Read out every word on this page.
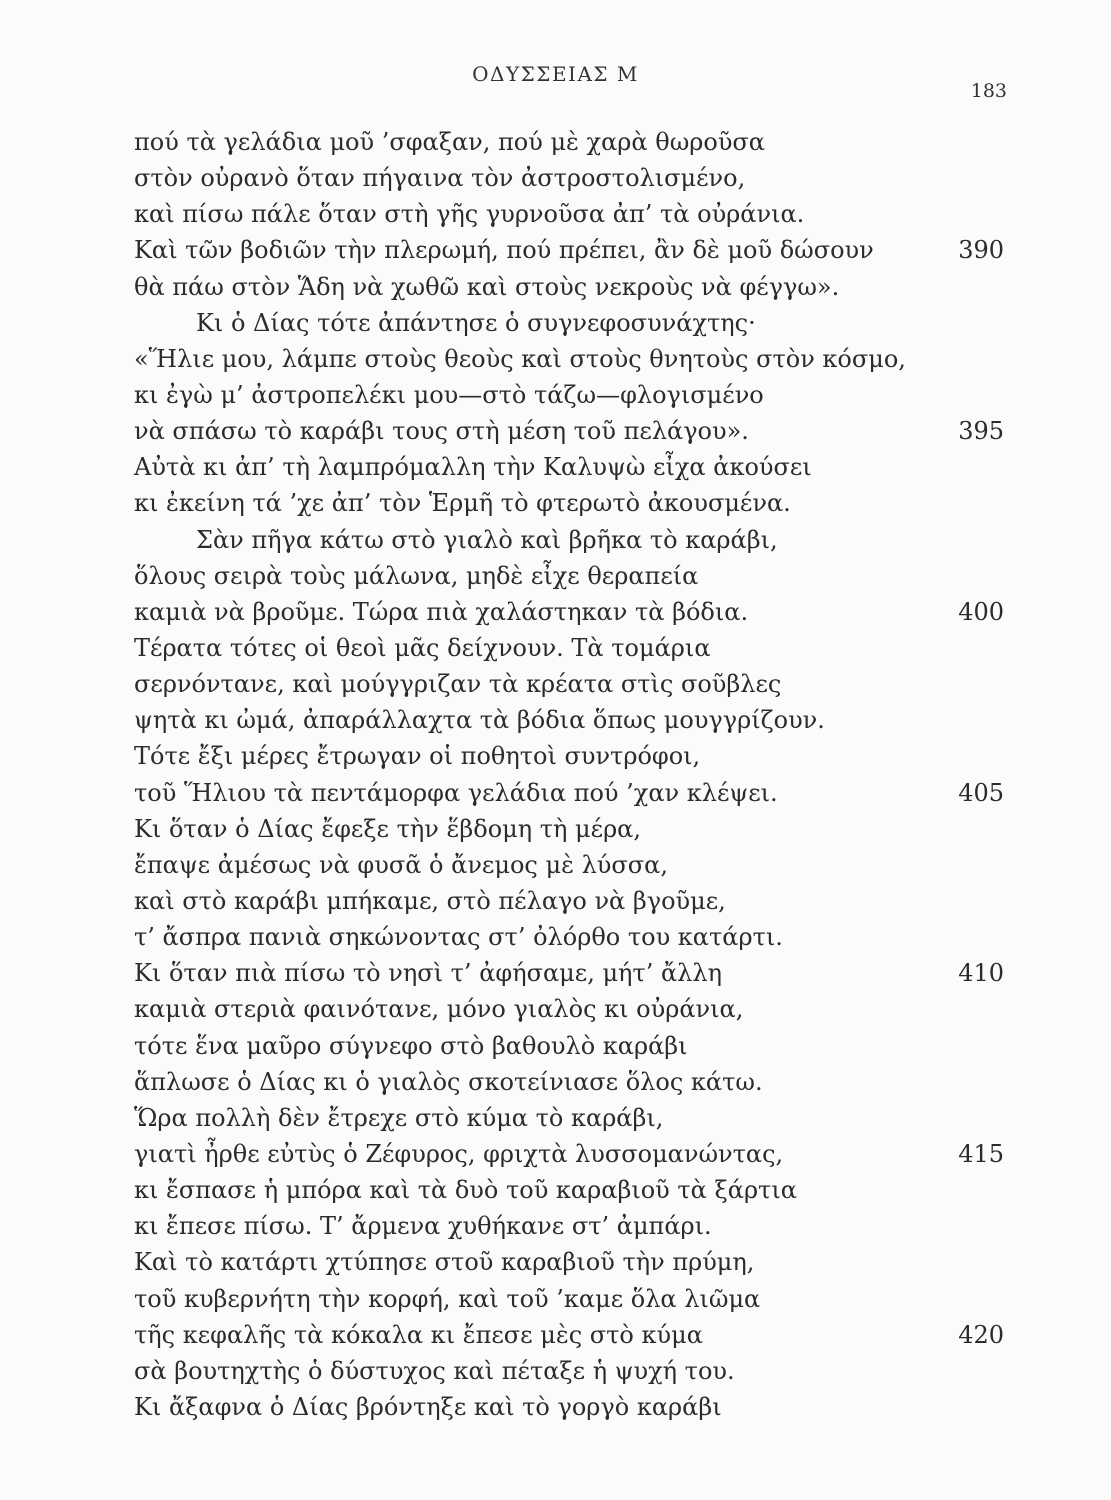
ΟΔΥΣΣΕΙΑΣ Μ
183
πού τὰ γελάδια μοῦ ’σφαξαν, πού μὲ χαρὰ θωροῦσα
στὸν οὐρανὸ ὅταν πήγαινα τὸν ἀστροστολισμένο,
καὶ πίσω πάλε ὅταν στὴ γῆς γυρνοῦσα ἀπ’ τὰ οὐράνια.
Καὶ τῶν βοδιῶν τὴν πλερωμή, πού πρέπει, ἂν δὲ μοῦ δώσουν	390
θὰ πάω στὸν Ἅδη νὰ χωθῶ καὶ στοὺς νεκροὺς νὰ φέγγω».
Κι ὁ Δίας τότε ἀπάντησε ὁ συγνεφοσυνάχτης·
«Ἥλιε μου, λάμπε στοὺς θεοὺς καὶ στοὺς θνητοὺς στὸν κόσμο,
κι ἐγὼ μ’ ἀστροπελέκι μου—στὸ τάζω—φλογισμένο
νὰ σπάσω τὸ καράβι τους στὴ μέση τοῦ πελάγου».	395
Αὐτὰ κι ἀπ’ τὴ λαμπρόμαλλη τὴν Καλυψὼ εἶχα ἀκούσει
κι ἐκείνη τά ’χε ἀπ’ τὸν Ἑρμῆ τὸ φτερωτὸ ἀκουσμένα.
Σὰν πῆγα κάτω στὸ γιαλὸ καὶ βρῆκα τὸ καράβι,
ὅλους σειρὰ τοὺς μάλωνα, μηδὲ εἶχε θεραπεία
καμιὰ νὰ βροῦμε. Τώρα πιὰ χαλάστηκαν τὰ βόδια.	400
Τέρατα τότες οἱ θεοὶ μᾶς δείχνουν. Τὰ τομάρια
σερνόντανε, καὶ μούγγριζαν τὰ κρέατα στὶς σοῦβλες
ψητὰ κι ὠμά, ἀπαράλλαχτα τὰ βόδια ὅπως μουγγρίζουν.
Τότε ἔξι μέρες ἔτρωγαν οἱ ποθητοὶ συντρόφοι,
τοῦ Ἥλιου τὰ πεντάμορφα γελάδια πού ’χαν κλέψει.	405
Κι ὅταν ὁ Δίας ἔφεξε τὴν ἕβδομη τὴ μέρα,
ἔπαψε ἀμέσως νὰ φυσᾶ ὁ ἄνεμος μὲ λύσσα,
καὶ στὸ καράβι μπήκαμε, στὸ πέλαγο νὰ βγοῦμε,
τ’ ἄσπρα πανιὰ σηκώνοντας στ’ ὀλόρθο του κατάρτι.
Κι ὅταν πιὰ πίσω τὸ νησὶ τ’ ἀφήσαμε, μήτ’ ἄλλη	410
καμιὰ στεριὰ φαινότανε, μόνο γιαλὸς κι οὐράνια,
τότε ἕνα μαῦρο σύγνεφο στὸ βαθουλὸ καράβι
ἅπλωσε ὁ Δίας κι ὁ γιαλὸς σκοτείνιασε ὅλος κάτω.
Ὥρα πολλὴ δὲν ἔτρεχε στὸ κύμα τὸ καράβι,
γιατὶ ἦρθε εὐτὺς ὁ Ζέφυρος, φριχτὰ λυσσομανώντας,	415
κι ἔσπασε ἡ μπόρα καὶ τὰ δυὸ τοῦ καραβιοῦ τὰ ξάρτια
κι ἔπεσε πίσω. Τ’ ἄρμενα χυθήκανε στ’ ἀμπάρι.
Καὶ τὸ κατάρτι χτύπησε στοῦ καραβιοῦ τὴν πρύμη,
τοῦ κυβερνήτη τὴν κορφή, καὶ τοῦ ’καμε ὅλα λιῶμα
τῆς κεφαλῆς τὰ κόκαλα κι ἔπεσε μὲς στὸ κύμα	420
σὰ βουτηχτὴς ὁ δύστυχος καὶ πέταξε ἡ ψυχή του.
Κι ἄξαφνα ὁ Δίας βρόντηξε καὶ τὸ γοργὸ καράβι
